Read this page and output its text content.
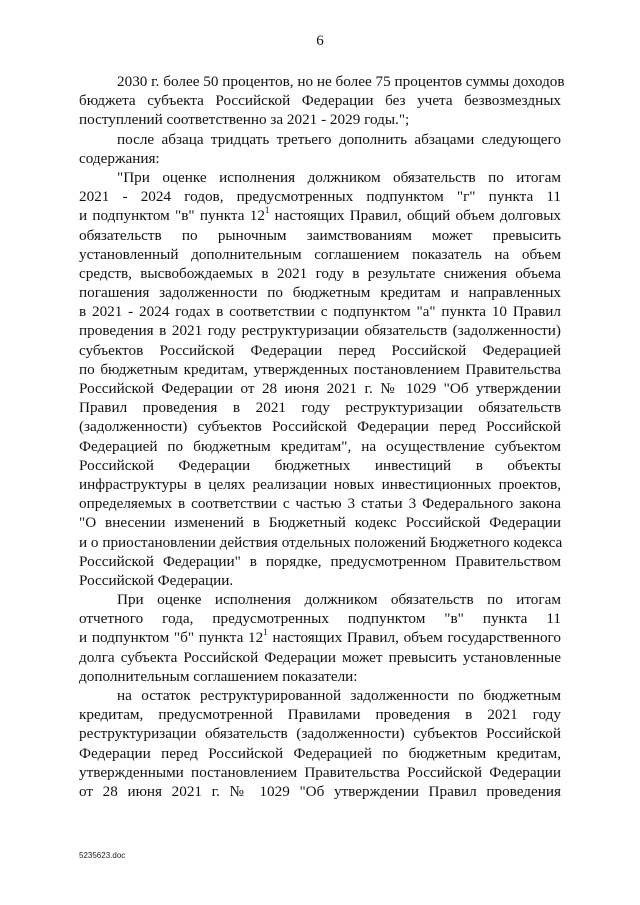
6
2030 г. более 50 процентов, но не более 75 процентов суммы доходов
бюджета субъекта Российской Федерации без учета безвозмездных
поступлений соответственно за 2021 - 2029 годы.";
после абзаца тридцать третьего дополнить абзацами следующего
содержания:
"При оценке исполнения должником обязательств по итогам
2021 - 2024 годов, предусмотренных подпунктом "г" пункта 11
и подпунктом "в" пункта $12^1$ настоящих Правил, общий объем долговых
обязательств по рыночным заимствованиям может превысить
установленный дополнительным соглашением показатель на объем
средств, высвобождаемых в 2021 году в результате снижения объема
погашения задолженности по бюджетным кредитам и направленных
в 2021 - 2024 годах в соответствии с подпунктом "а" пункта 10 Правил
проведения в 2021 году реструктуризации обязательств (задолженности)
субъектов Российской Федерации перед Российской Федерацией
по бюджетным кредитам, утвержденных постановлением Правительства
Российской Федерации от 28 июня 2021 г. № 1029 "Об утверждении
Правил проведения в 2021 году реструктуризации обязательств
(задолженности) субъектов Российской Федерации перед Российской
Федерацией по бюджетным кредитам", на осуществление субъектом
Российской Федерации бюджетных инвестиций в объекты
инфраструктуры в целях реализации новых инвестиционных проектов,
определяемых в соответствии с частью 3 статьи 3 Федерального закона
"О внесении изменений в Бюджетный кодекс Российской Федерации
и о приостановлении действия отдельных положений Бюджетного кодекса
Российской Федерации" в порядке, предусмотренном Правительством
Российской Федерации.
При оценке исполнения должником обязательств по итогам
отчетного года, предусмотренных подпунктом "в" пункта 11
и подпунктом "б" пункта $12^1$ настоящих Правил, объем государственного
долга субъекта Российской Федерации может превысить установленные
дополнительным соглашением показатели:
на остаток реструктурированной задолженности по бюджетным
кредитам, предусмотренной Правилами проведения в 2021 году
реструктуризации обязательств (задолженности) субъектов Российской
Федерации перед Российской Федерацией по бюджетным кредитам,
утвержденными постановлением Правительства Российской Федерации
от 28 июня 2021 г. № 1029 "Об утверждении Правил проведения
5235623.doc
